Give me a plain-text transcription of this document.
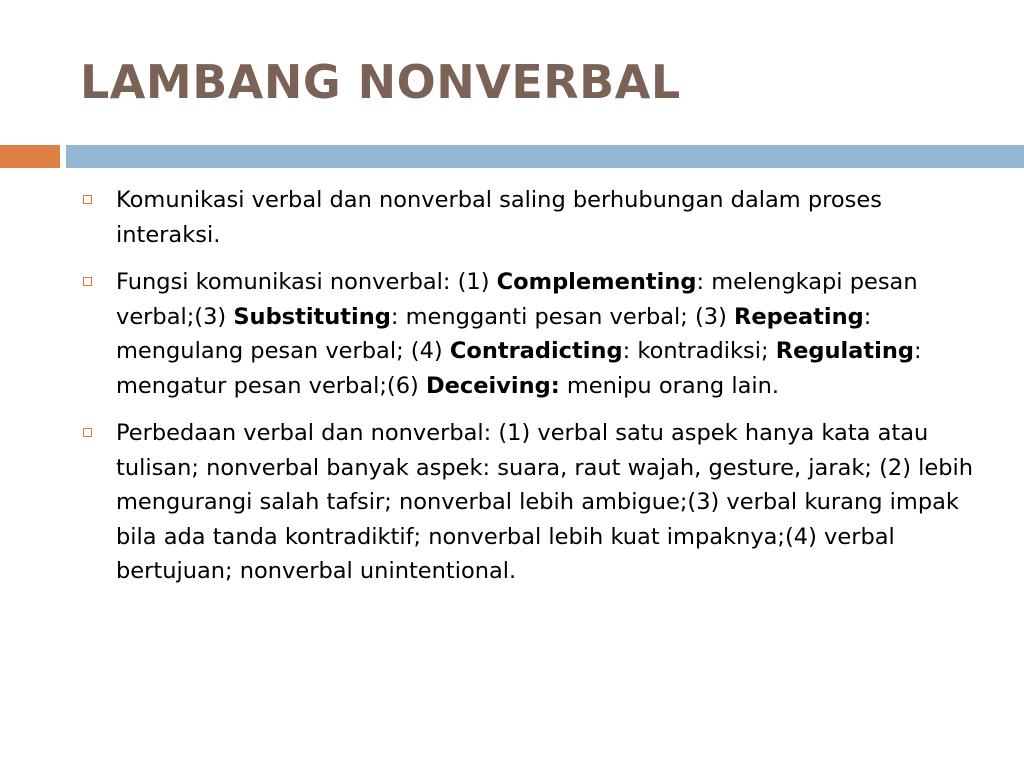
LAMBANG NONVERBAL
Komunikasi verbal dan nonverbal saling berhubungan dalam proses interaksi.
Fungsi komunikasi nonverbal: (1) Complementing: melengkapi pesan verbal;(3) Substituting: mengganti pesan verbal; (3) Repeating: mengulang pesan verbal; (4) Contradicting: kontradiksi; Regulating: mengatur pesan verbal;(6) Deceiving: menipu orang lain.
Perbedaan verbal dan nonverbal: (1) verbal satu aspek hanya kata atau tulisan; nonverbal banyak aspek: suara, raut wajah, gesture, jarak; (2) lebih mengurangi salah tafsir; nonverbal lebih ambigue;(3) verbal kurang impak bila ada tanda kontradiktif; nonverbal lebih kuat impaknya;(4) verbal bertujuan; nonverbal unintentional.
